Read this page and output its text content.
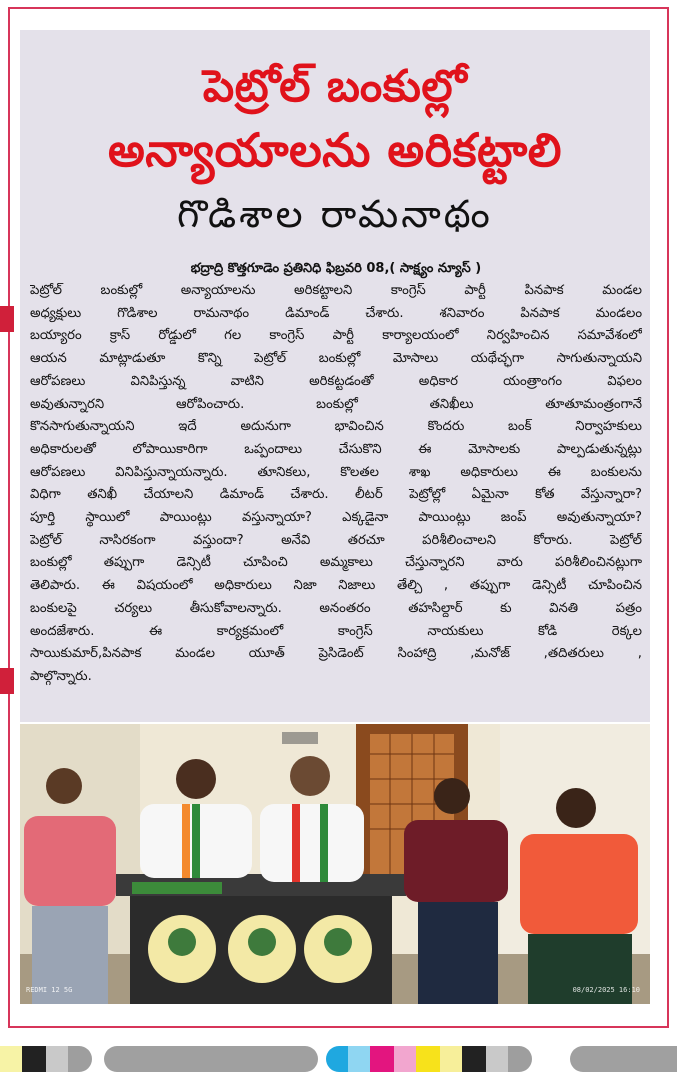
పెట్రోల్ బంకుల్లో
అన్యాయాలను అరికట్టాలి
గొడిశాల రామనాథం
భద్రాద్రి కొత్తగూడెం ప్రతినిధి ఫిబ్రవరి 08,( సాక్ష్యం న్యూస్ )
పెట్రోల్ బంకుల్లో అన్యాయాలను అరికట్టాలని కాంగ్రెస్ పార్టీ పినపాక మండల
అధ్యక్షులు గొడిశాల రామనాథం డిమాండ్ చేశారు. శనివారం పినపాక మండలం
బయ్యారం క్రాస్ రోడ్డులో గల కాంగ్రెస్ పార్టీ కార్యాలయంలో నిర్వహించిన సమావేశంలో
ఆయన మాట్లాడుతూ కొన్ని పెట్రోల్ బంకుల్లో మోసాలు యథేచ్ఛగా సాగుతున్నాయని
ఆరోపణలు వినిపిస్తున్న వాటిని అరికట్టడంతో అధికార యంత్రాంగం విఫలం
అవుతున్నారని ఆరోపించారు. బంకుల్లో తనిఖీలు తూతూమంత్రంగానే
కొనసాగుతున్నాయని ఇదే అదునుగా భావించిన కొందరు బంక్ నిర్వాహకులు
అధికారులతో లోపాయికారిగా ఒప్పందాలు చేసుకొని ఈ మోసాలకు పాల్పడుతున్నట్లు
ఆరోపణలు వినిపిస్తున్నాయన్నారు. తూనికలు, కొలతల శాఖ అధికారులు ఈ బంకులను
విధిగా తనిఖీ చేయాలని డిమాండ్ చేశారు. లీటర్ పెట్రోల్లో ఏమైనా కోత వేస్తున్నారా?
పూర్తి స్థాయిలో పాయింట్లు వస్తున్నాయా? ఎక్కడైనా పాయింట్లు జంప్ అవుతున్నాయా?
పెట్రోల్ నాసిరకంగా వస్తుందా? అనేవి తరచూ పరిశీలించాలని కోరారు. పెట్రోల్
బంకుల్లో తప్పుగా డెన్సిటీ చూపించి అమ్మకాలు చేస్తున్నారని వారు పరిశీలించినట్లుగా
తెలిపారు. ఈ విషయంలో అధికారులు నిజా నిజాలు తేల్చి , తప్పుగా డెన్సిటీ చూపించిన
బంకులపై చర్యలు తీసుకోవాలన్నారు. అనంతరం తహసిల్దార్ కు వినతి పత్రం
అందజేశారు. ఈ కార్యక్రమంలో కాంగ్రెస్ నాయకులు కోడి రెక్కల
సాయికుమార్,పినపాక మండల యూత్ ప్రెసిడెంట్ సింహాద్రి ,మనోజ్ ,తదితరులు ,
పాల్గొన్నారు.
REDMI 12 5G	08/02/2025 16:10
